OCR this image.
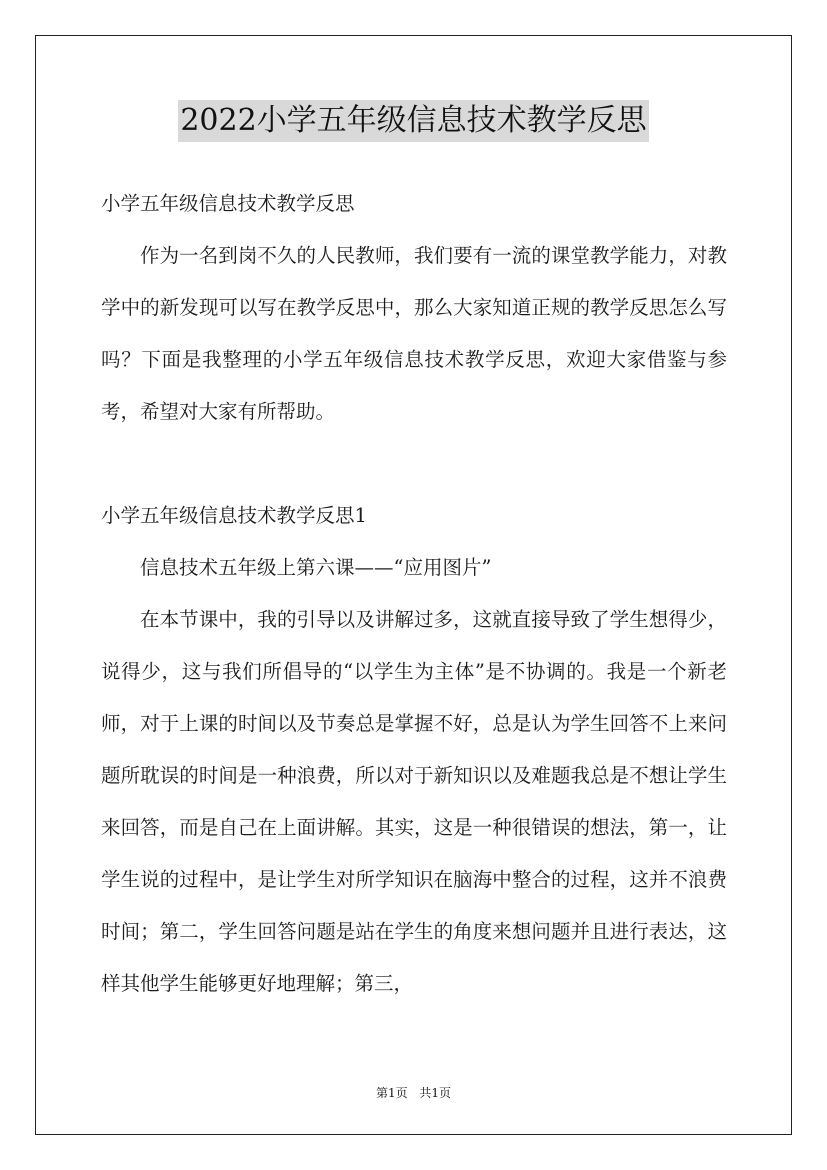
2022小学五年级信息技术教学反思

小学五年级信息技术教学反思

作为一名到岗不久的人民教师，我们要有一流的课堂教学能力，对教学中的新发现可以写在教学反思中，那么大家知道正规的教学反思怎么写吗？下面是我整理的小学五年级信息技术教学反思，欢迎大家借鉴与参考，希望对大家有所帮助。

小学五年级信息技术教学反思1

信息技术五年级上第六课——“应用图片”

在本节课中，我的引导以及讲解过多，这就直接导致了学生想得少，说得少，这与我们所倡导的“以学生为主体”是不协调的。我是一个新老师，对于上课的时间以及节奏总是掌握不好，总是认为学生回答不上来问题所耽误的时间是一种浪费，所以对于新知识以及难题我总是不想让学生来回答，而是自己在上面讲解。其实，这是一种很错误的想法，第一，让学生说的过程中，是让学生对所学知识在脑海中整合的过程，这并不浪费时间；第二，学生回答问题是站在学生的角度来想问题并且进行表达，这样其他学生能够更好地理解；第三，

第1页 共1页
